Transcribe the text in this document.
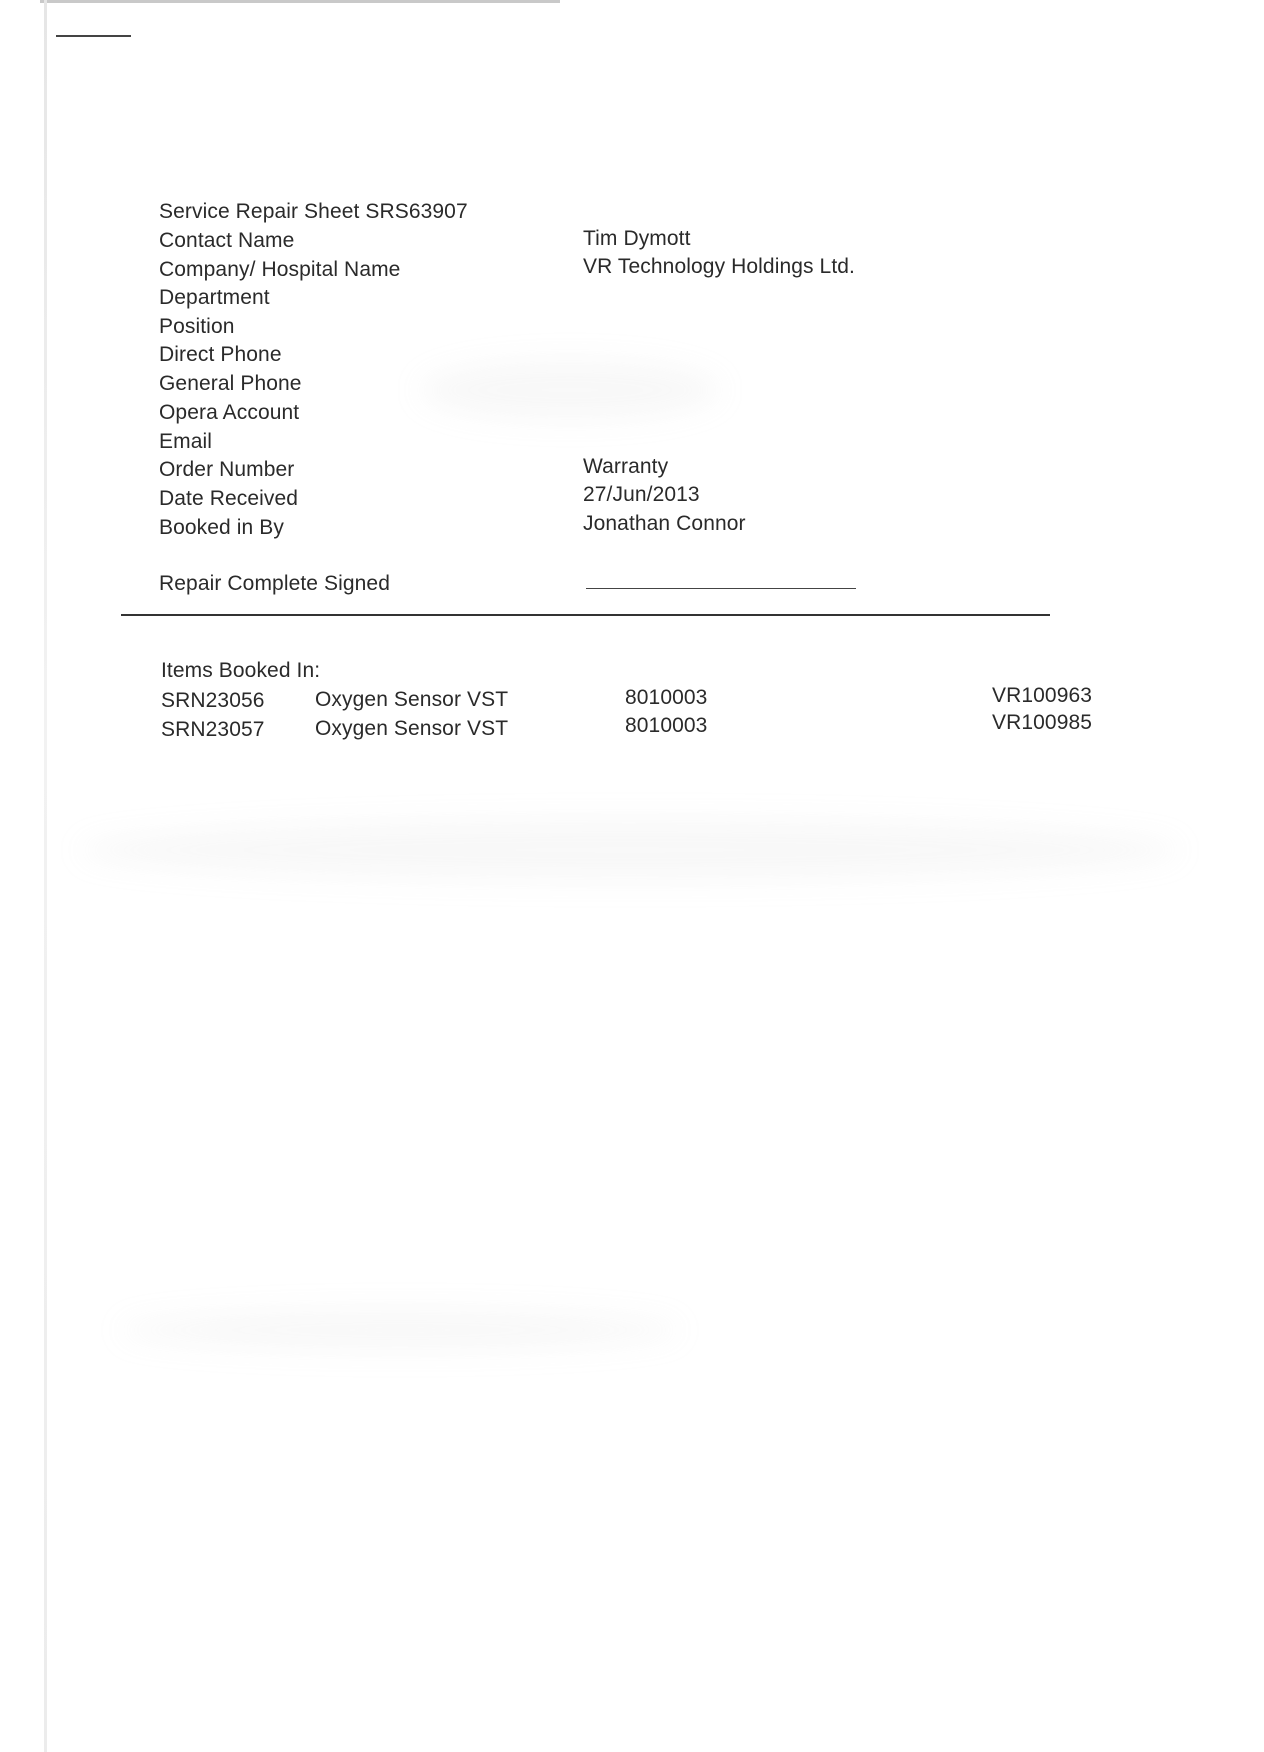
Service Repair Sheet SRS63907
Contact Name	Tim Dymott
Company/ Hospital Name	VR Technology Holdings Ltd.
Department
Position
Direct Phone
General Phone
Opera Account
Email
Order Number	Warranty
Date Received	27/Jun/2013
Booked in By	Jonathan Connor
Repair Complete Signed
Items Booked In:
SRN23056 Oxygen Sensor VST	8010003	VR100963
SRN23057 Oxygen Sensor VST	8010003	VR100985
